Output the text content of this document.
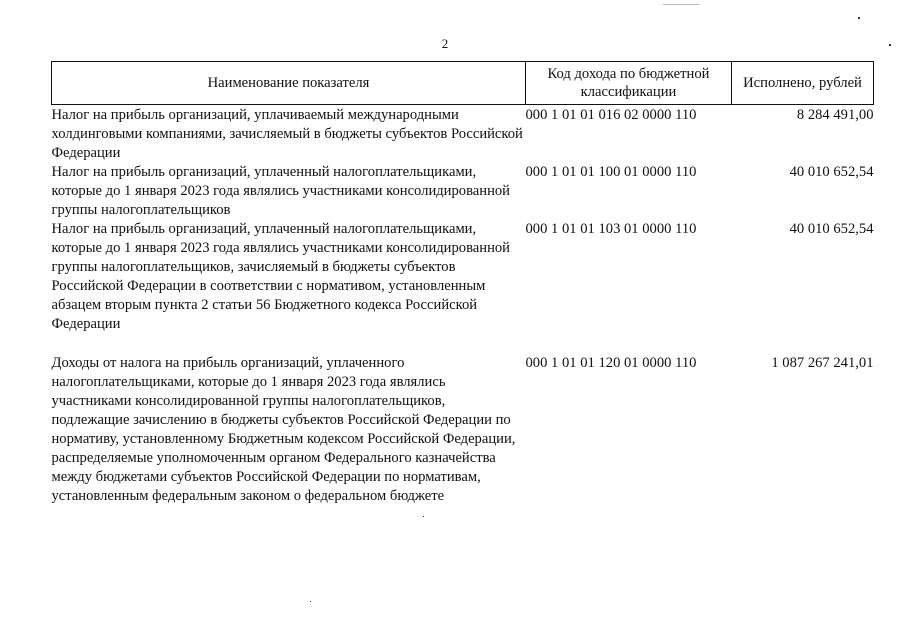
2
Наименование показателя	Код дохода по бюджетной классификации	Исполнено, рублей
Налог на прибыль организаций, уплачиваемый международными холдинговыми компаниями, зачисляемый в бюджеты субъектов Российской Федерации	000 1 01 01 016 02 0000 110	8 284 491,00
Налог на прибыль организаций, уплаченный налогоплательщиками, которые до 1 января 2023 года являлись участниками консолидированной группы налогоплательщиков	000 1 01 01 100 01 0000 110	40 010 652,54
Налог на прибыль организаций, уплаченный налогоплательщиками, которые до 1 января 2023 года являлись участниками консолидированной группы налогоплательщиков, зачисляемый в бюджеты субъектов Российской Федерации в соответствии с нормативом, установленным абзацем вторым пункта 2 статьи 56 Бюджетного кодекса Российской Федерации	000 1 01 01 103 01 0000 110	40 010 652,54
Доходы от налога на прибыль организаций, уплаченного налогоплательщиками, которые до 1 января 2023 года являлись участниками консолидированной группы налогоплательщиков, подлежащие зачислению в бюджеты субъектов Российской Федерации по нормативу, установленному Бюджетным кодексом Российской Федерации, распределяемые уполномоченным органом Федерального казначейства между бюджетами субъектов Российской Федерации по нормативам, установленным федеральным законом о федеральном бюджете	000 1 01 01 120 01 0000 110	1 087 267 241,01
